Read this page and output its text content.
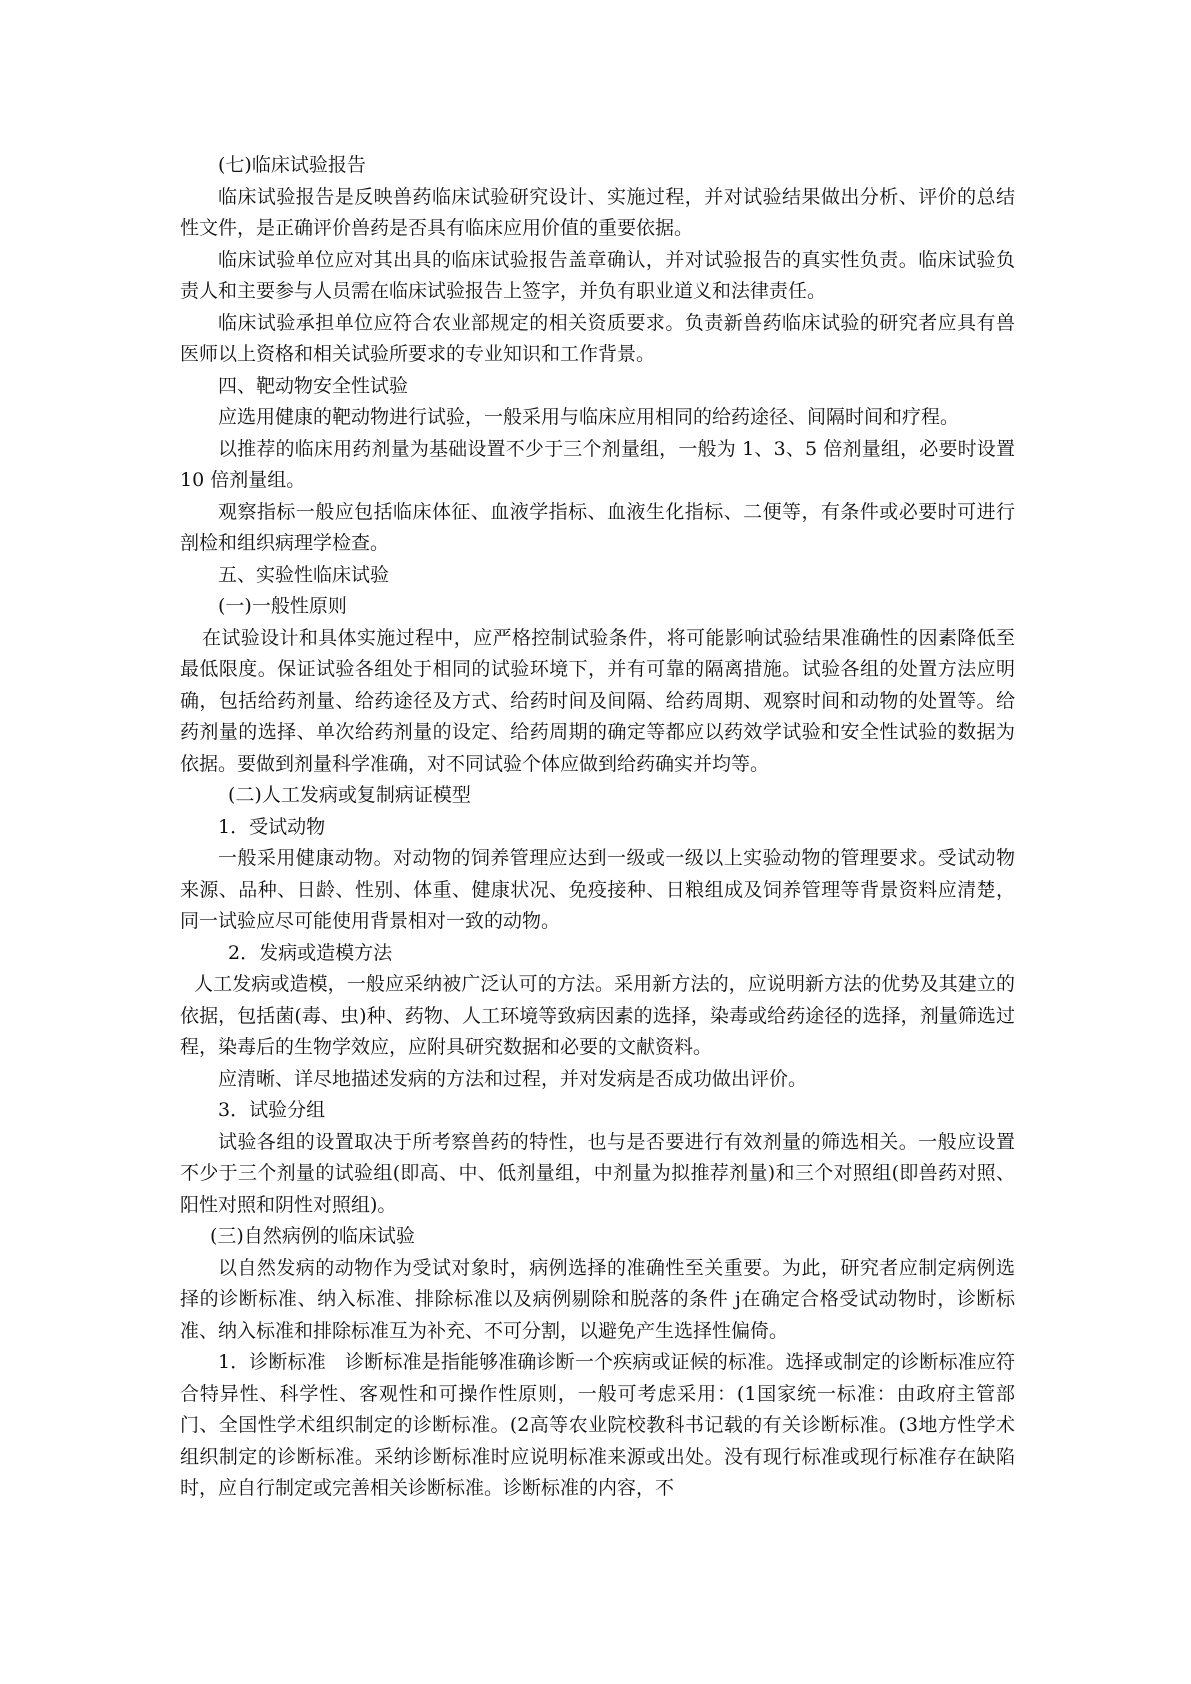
(七)临床试验报告

临床试验报告是反映兽药临床试验研究设计、实施过程，并对试验结果做出分析、评价的总结性文件，是正确评价兽药是否具有临床应用价值的重要依据。

临床试验单位应对其出具的临床试验报告盖章确认，并对试验报告的真实性负责。临床试验负责人和主要参与人员需在临床试验报告上签字，并负有职业道义和法律责任。

临床试验承担单位应符合农业部规定的相关资质要求。负责新兽药临床试验的研究者应具有兽医师以上资格和相关试验所要求的专业知识和工作背景。

四、靶动物安全性试验

应选用健康的靶动物进行试验，一般采用与临床应用相同的给药途径、间隔时间和疗程。

以推荐的临床用药剂量为基础设置不少于三个剂量组，一般为 1、3、5 倍剂量组，必要时设置 10 倍剂量组。

观察指标一般应包括临床体征、血液学指标、血液生化指标、二便等，有条件或必要时可进行剖检和组织病理学检查。

五、实验性临床试验

(一)一般性原则

在试验设计和具体实施过程中，应严格控制试验条件，将可能影响试验结果准确性的因素降低至最低限度。保证试验各组处于相同的试验环境下，并有可靠的隔离措施。试验各组的处置方法应明确，包括给药剂量、给药途径及方式、给药时间及间隔、给药周期、观察时间和动物的处置等。给药剂量的选择、单次给药剂量的设定、给药周期的确定等都应以药效学试验和安全性试验的数据为依据。要做到剂量科学准确，对不同试验个体应做到给药确实并均等。

(二)人工发病或复制病证模型

1．受试动物

一般采用健康动物。对动物的饲养管理应达到一级或一级以上实验动物的管理要求。受试动物来源、品种、日龄、性别、体重、健康状况、免疫接种、日粮组成及饲养管理等背景资料应清楚，同一试验应尽可能使用背景相对一致的动物。

2．发病或造模方法

人工发病或造模，一般应采纳被广泛认可的方法。采用新方法的，应说明新方法的优势及其建立的依据，包括菌(毒、虫)种、药物、人工环境等致病因素的选择，染毒或给药途径的选择，剂量筛选过程，染毒后的生物学效应，应附具研究数据和必要的文献资料。

应清晰、详尽地描述发病的方法和过程，并对发病是否成功做出评价。

3．试验分组

试验各组的设置取决于所考察兽药的特性，也与是否要进行有效剂量的筛选相关。一般应设置不少于三个剂量的试验组(即高、中、低剂量组，中剂量为拟推荐剂量)和三个对照组(即兽药对照、阳性对照和阴性对照组)。

(三)自然病例的临床试验

以自然发病的动物作为受试对象时，病例选择的准确性至关重要。为此，研究者应制定病例选择的诊断标准、纳入标准、排除标准以及病例剔除和脱落的条件 j在确定合格受试动物时，诊断标准、纳入标准和排除标准互为补充、不可分割，以避免产生选择性偏倚。

1．诊断标准　诊断标准是指能够准确诊断一个疾病或证候的标准。选择或制定的诊断标准应符合特异性、科学性、客观性和可操作性原则，一般可考虑采用：(1国家统一标准：由政府主管部门、全国性学术组织制定的诊断标准。(2高等农业院校教科书记载的有关诊断标准。(3地方性学术组织制定的诊断标准。采纳诊断标准时应说明标准来源或出处。没有现行标准或现行标准存在缺陷时，应自行制定或完善相关诊断标准。诊断标准的内容，不
